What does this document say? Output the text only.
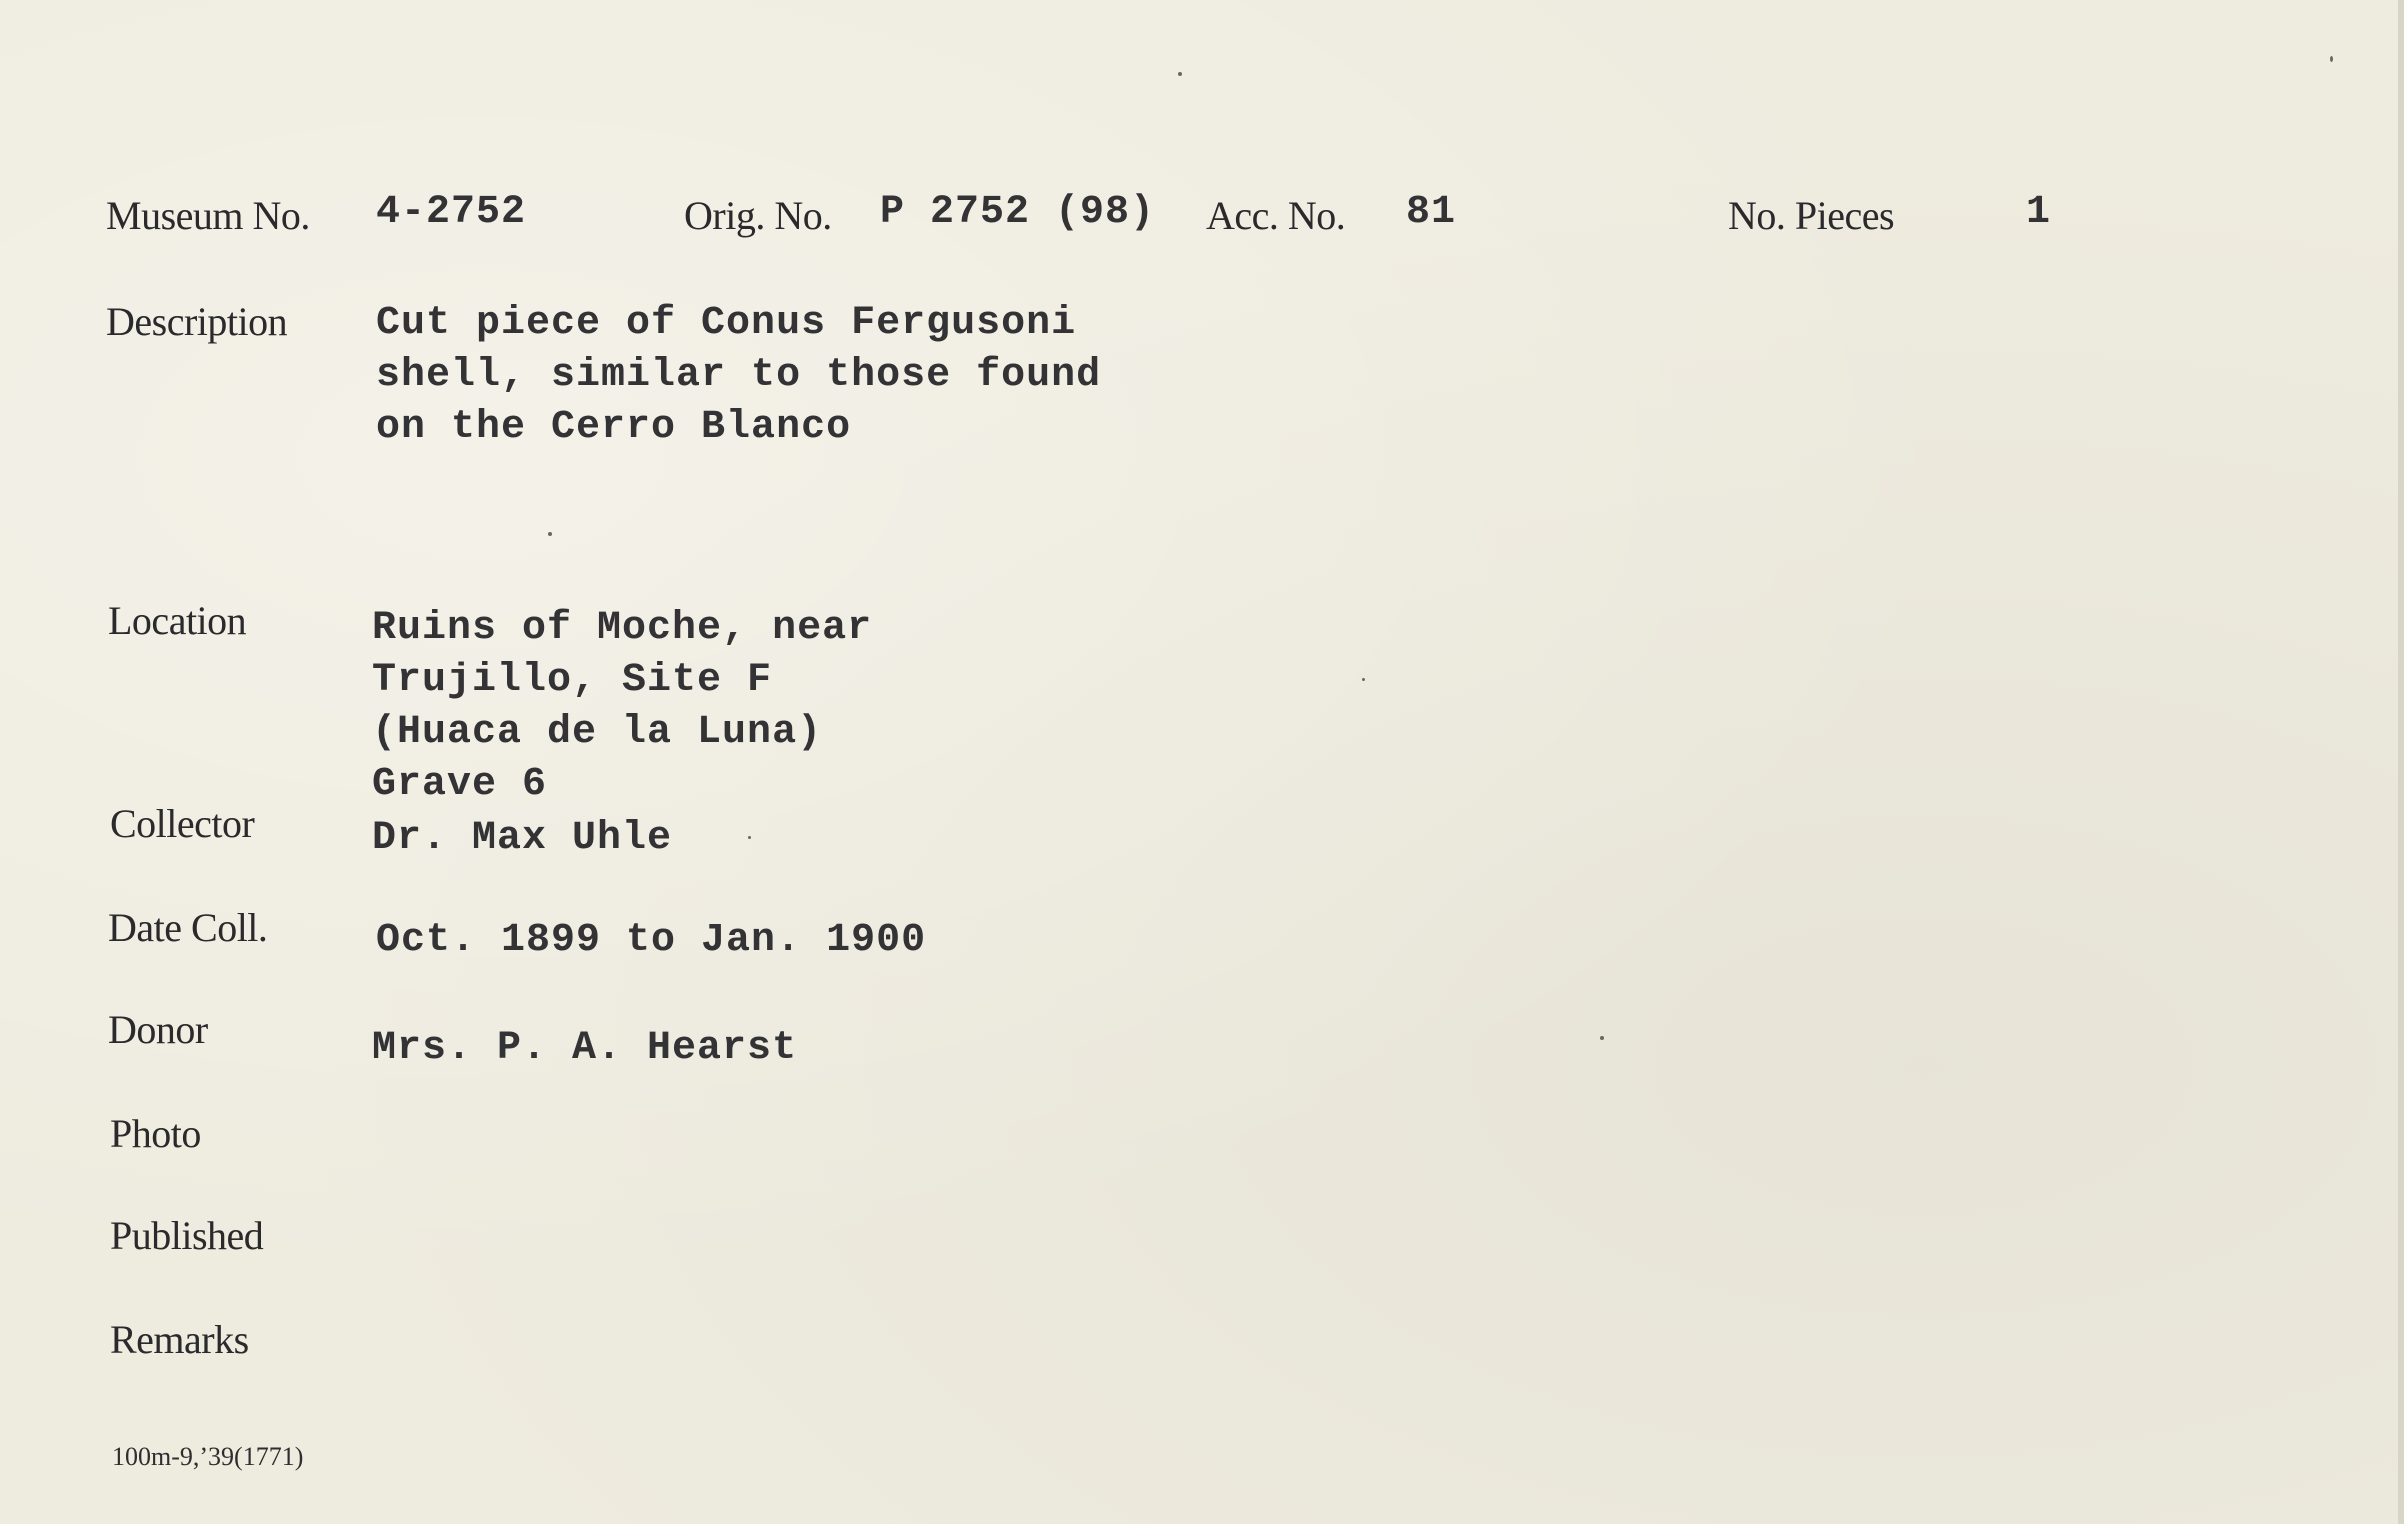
Museum No. 4-2752	Orig. No. P 2752 (98) Acc. No. 81	No. Pieces	1
Description Cut piece of Conus Fergusoni
shell, similar to those found
on the Cerro Blanco
Location	Ruins of Moche, near
Trujillo, Site F
(Huaca de la Luna)
Grave 6
Collector	Dr. Max Uhle
Date Coll.	Oct. 1899 to Jan. 1900
Donor	Mrs. P. A. Hearst
Photo
Published
Remarks
100m-9,’39(1771)
